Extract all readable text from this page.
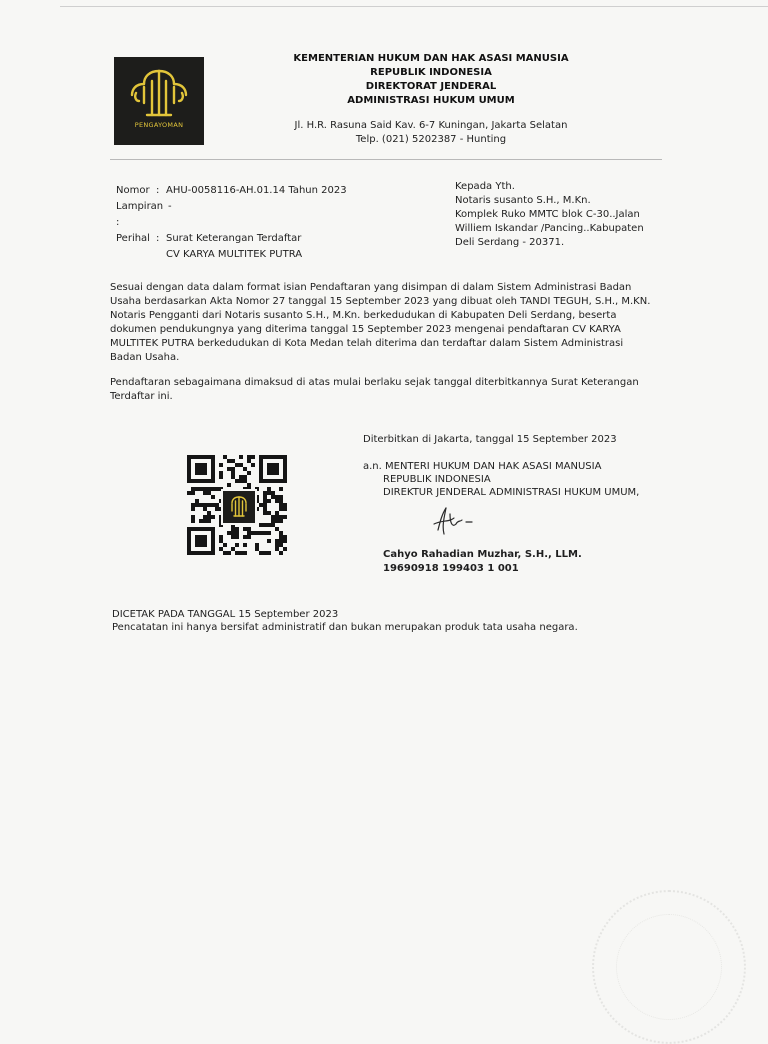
PENGAYOMAN
KEMENTERIAN HUKUM DAN HAK ASASI MANUSIA
REPUBLIK INDONESIA
DIREKTORAT JENDERAL
ADMINISTRASI HUKUM UMUM
Jl. H.R. Rasuna Said Kav. 6-7 Kuningan, Jakarta Selatan
Telp. (021) 5202387 - Hunting
Nomor : AHU-0058116-AH.01.14 Tahun 2023
Lampiran :
-
Perihal : Surat Keterangan Terdaftar
CV KARYA MULTITEK PUTRA
Kepada Yth.
Notaris susanto S.H., M.Kn.
Komplek Ruko MMTC blok C-30..Jalan
Williem Iskandar /Pancing..Kabupaten
Deli Serdang - 20371.

Sesuai dengan data dalam format isian Pendaftaran yang disimpan di dalam Sistem Administrasi Badan Usaha berdasarkan Akta Nomor 27 tanggal 15 September 2023 yang dibuat oleh TANDI TEGUH, S.H., M.KN. Notaris Pengganti dari Notaris susanto S.H., M.Kn. berkedudukan di Kabupaten Deli Serdang, beserta dokumen pendukungnya yang diterima tanggal 15 September 2023 mengenai pendaftaran CV KARYA MULTITEK PUTRA berkedudukan di Kota Medan telah diterima dan terdaftar dalam Sistem Administrasi Badan Usaha.

Pendaftaran sebagaimana dimaksud di atas mulai berlaku sejak tanggal diterbitkannya Surat Keterangan Terdaftar ini.

Diterbitkan di Jakarta, tanggal 15 September 2023
a.n. MENTERI HUKUM DAN HAK ASASI MANUSIA
REPUBLIK INDONESIA
DIREKTUR JENDERAL ADMINISTRASI HUKUM UMUM,
Cahyo Rahadian Muzhar, S.H., LLM.
19690918 199403 1 001
DICETAK PADA TANGGAL 15 September 2023
Pencatatan ini hanya bersifat administratif dan bukan merupakan produk tata usaha negara.
